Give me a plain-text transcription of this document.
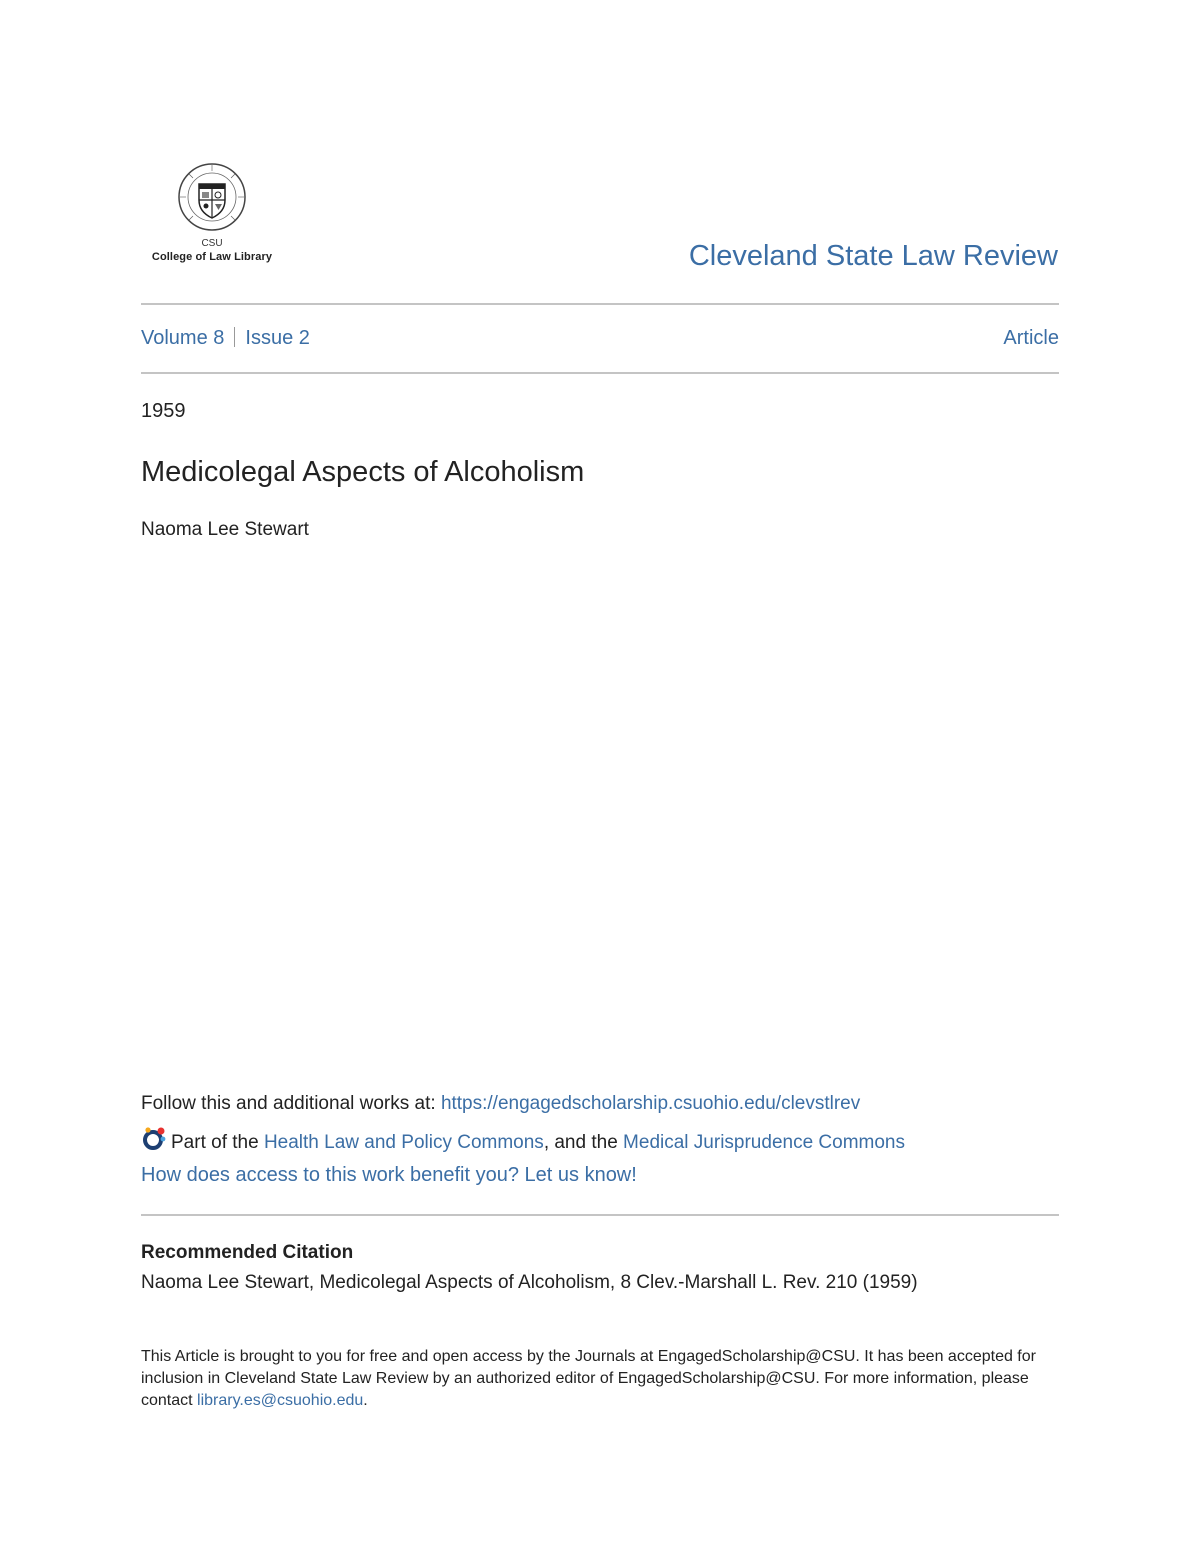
CSU
College of Law Library	Cleveland State Law Review
Volume 8 Issue 2	Article
1959
Medicolegal Aspects of Alcoholism
Naoma Lee Stewart
Follow this and additional works at: https://engagedscholarship.csuohio.edu/clevstlrev
Part of the Health Law and Policy Commons, and the Medical Jurisprudence Commons
How does access to this work benefit you? Let us know!
Recommended Citation
Naoma Lee Stewart, Medicolegal Aspects of Alcoholism, 8 Clev.-Marshall L. Rev. 210 (1959)
This Article is brought to you for free and open access by the Journals at EngagedScholarship@CSU. It has been accepted for inclusion in Cleveland State Law Review by an authorized editor of EngagedScholarship@CSU. For more information, please contact library.es@csuohio.edu.
